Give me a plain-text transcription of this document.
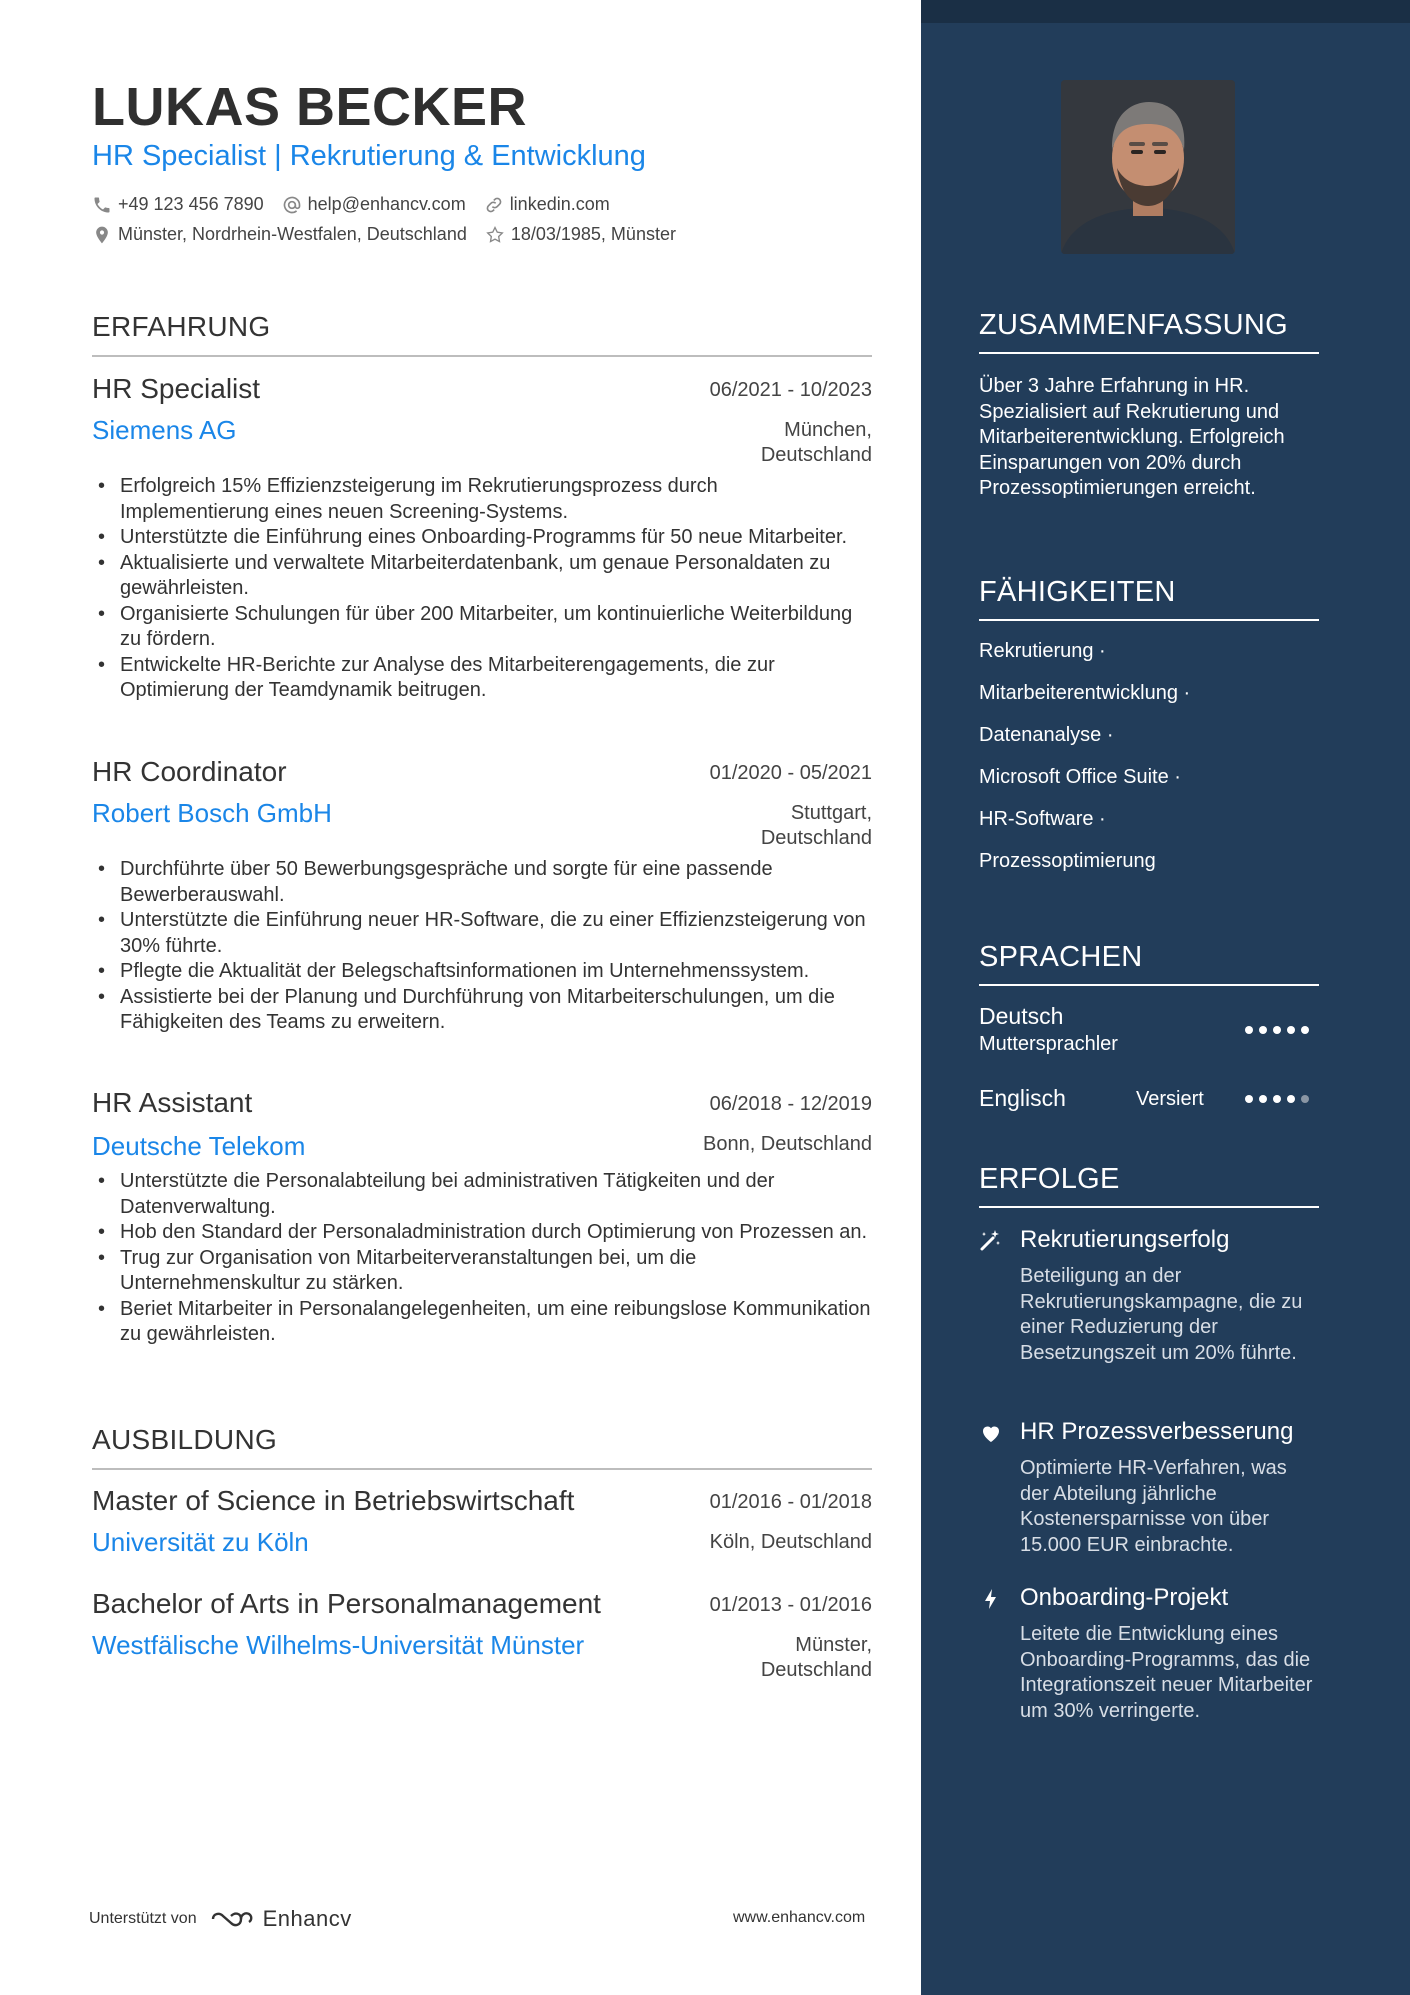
LUKAS BECKER
HR Specialist | Rekrutierung & Entwicklung
+49 123 456 7890 help@enhancv.com linkedin.com
Münster, Nordrhein-Westfalen, Deutschland 18/03/1985, Münster
ERFAHRUNG
HR Specialist	06/2021 - 10/2023
Siemens AG	München,
Deutschland
• Erfolgreich 15% Effizienzsteigerung im Rekrutierungsprozess durch Implementierung eines neuen Screening-Systems.
• Unterstützte die Einführung eines Onboarding-Programms für 50 neue Mitarbeiter.
• Aktualisierte und verwaltete Mitarbeiterdatenbank, um genaue Personaldaten zu gewährleisten.
• Organisierte Schulungen für über 200 Mitarbeiter, um kontinuierliche Weiterbildung zu fördern.
• Entwickelte HR-Berichte zur Analyse des Mitarbeiterengagements, die zur Optimierung der Teamdynamik beitrugen.
HR Coordinator	01/2020 - 05/2021
Robert Bosch GmbH	Stuttgart,
Deutschland
• Durchführte über 50 Bewerbungsgespräche und sorgte für eine passende Bewerberauswahl.
• Unterstützte die Einführung neuer HR-Software, die zu einer Effizienzsteigerung von 30% führte.
• Pflegte die Aktualität der Belegschaftsinformationen im Unternehmenssystem.
• Assistierte bei der Planung und Durchführung von Mitarbeiterschulungen, um die Fähigkeiten des Teams zu erweitern.
HR Assistant	06/2018 - 12/2019
Deutsche Telekom	Bonn, Deutschland
• Unterstützte die Personalabteilung bei administrativen Tätigkeiten und der Datenverwaltung.
• Hob den Standard der Personaladministration durch Optimierung von Prozessen an.
• Trug zur Organisation von Mitarbeiterveranstaltungen bei, um die Unternehmenskultur zu stärken.
• Beriet Mitarbeiter in Personalangelegenheiten, um eine reibungslose Kommunikation zu gewährleisten.
AUSBILDUNG
Master of Science in Betriebswirtschaft	01/2016 - 01/2018
Universität zu Köln	Köln, Deutschland
Bachelor of Arts in Personalmanagement	01/2013 - 01/2016
Westfälische Wilhelms-Universität Münster	Münster,
Deutschland
Unterstützt von	Enhancv	www.enhancv.com
ZUSAMMENFASSUNG
Über 3 Jahre Erfahrung in HR. Spezialisiert auf Rekrutierung und Mitarbeiterentwicklung. Erfolgreich Einsparungen von 20% durch Prozessoptimierungen erreicht.
FÄHIGKEITEN
Rekrutierung ·
Mitarbeiterentwicklung ·
Datenanalyse ·
Microsoft Office Suite ·
HR-Software ·
Prozessoptimierung
SPRACHEN
Deutsch
Muttersprachler
Englisch	Versiert
ERFOLGE
Rekrutierungserfolg
Beteiligung an der Rekrutierungskampagne, die zu einer Reduzierung der Besetzungszeit um 20% führte.
HR Prozessverbesserung
Optimierte HR-Verfahren, was der Abteilung jährliche Kostenersparnisse von über 15.000 EUR einbrachte.
Onboarding-Projekt
Leitete die Entwicklung eines Onboarding-Programms, das die Integrationszeit neuer Mitarbeiter um 30% verringerte.
